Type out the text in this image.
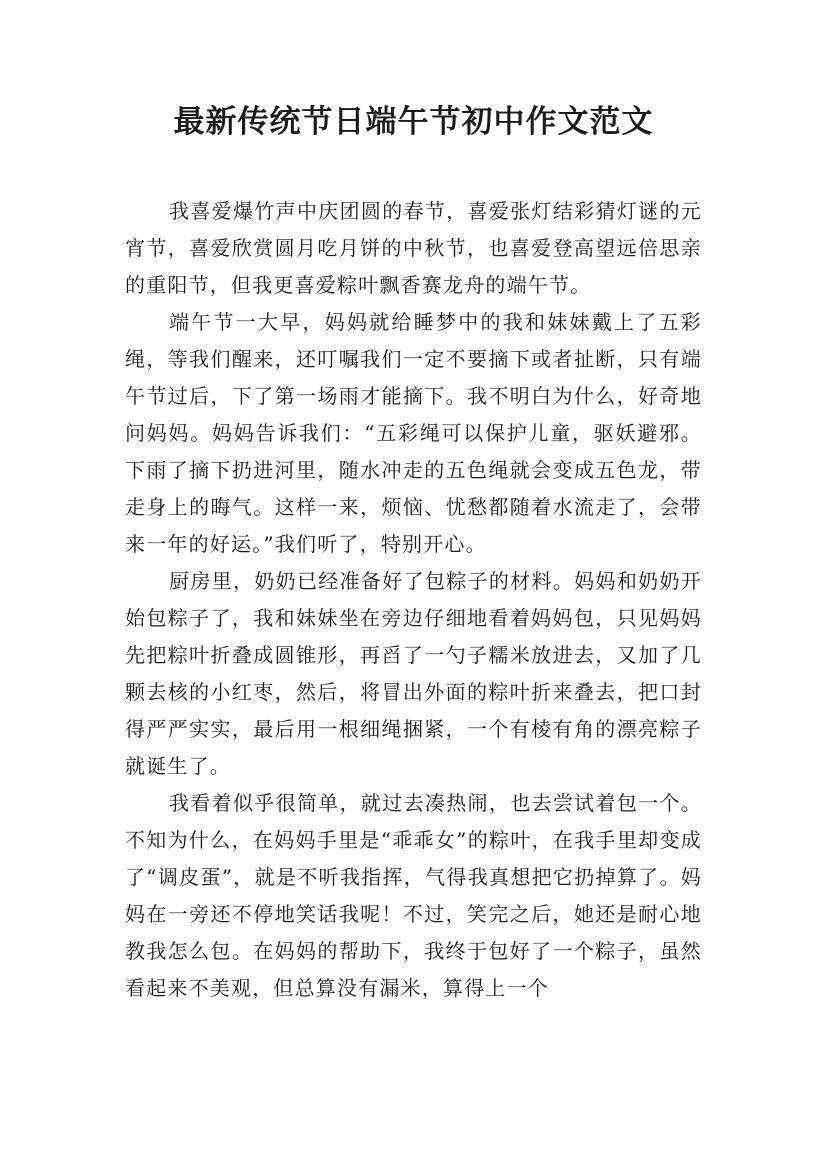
最新传统节日端午节初中作文范文

我喜爱爆竹声中庆团圆的春节，喜爱张灯结彩猜灯谜的元宵节，喜爱欣赏圆月吃月饼的中秋节，也喜爱登高望远倍思亲的重阳节，但我更喜爱粽叶飘香赛龙舟的端午节。

端午节一大早，妈妈就给睡梦中的我和妹妹戴上了五彩绳，等我们醒来，还叮嘱我们一定不要摘下或者扯断，只有端午节过后，下了第一场雨才能摘下。我不明白为什么，好奇地问妈妈。妈妈告诉我们：“五彩绳可以保护儿童，驱妖避邪。下雨了摘下扔进河里，随水冲走的五色绳就会变成五色龙，带走身上的晦气。这样一来，烦恼、忧愁都随着水流走了，会带来一年的好运。”我们听了，特别开心。

厨房里，奶奶已经准备好了包粽子的材料。妈妈和奶奶开始包粽子了，我和妹妹坐在旁边仔细地看着妈妈包，只见妈妈先把粽叶折叠成圆锥形，再舀了一勺子糯米放进去，又加了几颗去核的小红枣，然后，将冒出外面的粽叶折来叠去，把口封得严严实实，最后用一根细绳捆紧，一个有棱有角的漂亮粽子就诞生了。

我看着似乎很简单，就过去凑热闹，也去尝试着包一个。不知为什么，在妈妈手里是“乖乖女”的粽叶，在我手里却变成了“调皮蛋”，就是不听我指挥，气得我真想把它扔掉算了。妈妈在一旁还不停地笑话我呢！不过，笑完之后，她还是耐心地教我怎么包。在妈妈的帮助下，我终于包好了一个粽子，虽然看起来不美观，但总算没有漏米，算得上一个
